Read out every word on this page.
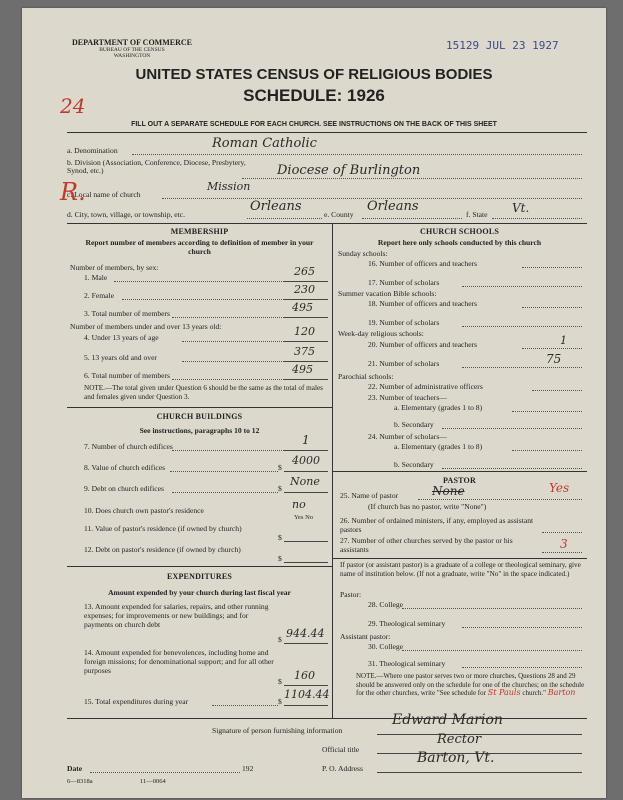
DEPARTMENT OF COMMERCE
BUREAU OF THE CENSUS
WASHINGTON
15129 JUL 23 1927
UNITED STATES CENSUS OF RELIGIOUS BODIES
SCHEDULE: 1926
24
R.
FILL OUT A SEPARATE SCHEDULE FOR EACH CHURCH. SEE INSTRUCTIONS ON THE BACK OF THIS SHEET
a. Denomination	Roman Catholic
b. Division (Association, Conference, Diocese, Presbytery, Synod, etc.)	Diocese of Burlington
c. Local name of church
Mission
d. City, town, village, or township, etc.
Orleans
e. County
Orleans
f. State Vt.
MEMBERSHIP
Report number of members according to definition of member in your church
Number of members, by sex:
1. Male	265
2. Female	230
3. Total number of members	495
Number of members under and over 13 years old:
4. Under 13 years of age	120
5. 13 years old and over	375
6. Total number of members	495
NOTE.—The total given under Question 6 should be the same as the total of males and females given under Question 3.
CHURCH BUILDINGS
See instructions, paragraphs 10 to 12
7. Number of church edifices	1
8. Value of church edifices	$
4000
9. Debt on church edifices	$
None
10. Does church own pastor's residence	no
Yes No
11. Value of pastor's residence (if owned by church)
$
12. Debt on pastor's residence (if owned by church)
$
EXPENDITURES
Amount expended by your church during last fiscal year
13. Amount expended for salaries, repairs, and other running expenses; for improvements or new buildings; and for payments on church debt
$ 944.44
14. Amount expended for benevolences, including home and foreign missions; for denominational support; and for all other purposes
$ 160
15. Total expenditures during year	$
1104.44
CHURCH SCHOOLS
Report here only schools conducted by this church
Sunday schools:
16. Number of officers and teachers
17. Number of scholars
Summer vacation Bible schools:
18. Number of officers and teachers
19. Number of scholars
Week-day religious schools:
20. Number of officers and teachers	1
21. Number of scholars	75
Parochial schools:
22. Number of administrative officers
23. Number of teachers—
a. Elementary (grades 1 to 8)
b. Secondary
24. Number of scholars—
a. Elementary (grades 1 to 8)
b. Secondary
PASTOR
25. Name of pastor	None	Yes
(If church has no pastor, write "None")
26. Number of ordained ministers, if any, employed as assistant pastors
27. Number of other churches served by the pastor or his assistants	3
If pastor (or assistant pastor) is a graduate of a college or theological seminary, give name of institution below. (If not a graduate, write "No" in the space indicated.)
Pastor:
28. College
29. Theological seminary
Assistant pastor:
30. College
31. Theological seminary
NOTE.—Where one pastor serves two or more churches, Questions 28 and 29 should be answered only on the schedule for one of the churches; on the schedule for the other churches, write "See schedule for St Pauls church." Barton
Signature of person furnishing information
Edward Marion
Official title
Rector
Date	192	P. O. Address
Barton, Vt.
6—8318a	11—0064
